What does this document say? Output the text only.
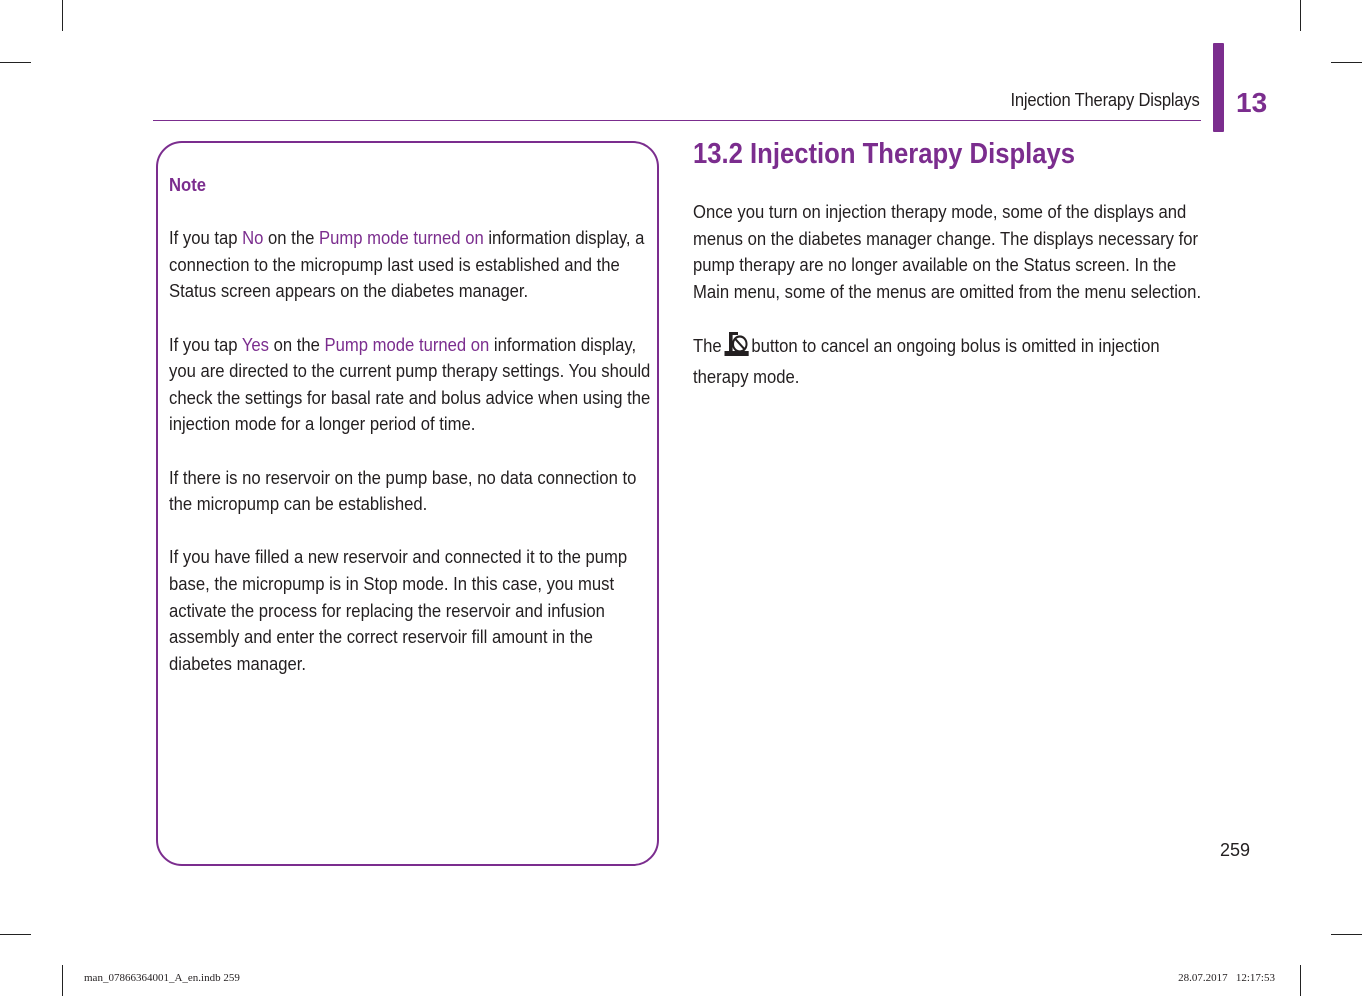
Injection Therapy Displays 13

Note

If you tap No on the Pump mode turned on information display, a connection to the micropump last used is established and the Status screen appears on the diabetes manager.

If you tap Yes on the Pump mode turned on information display, you are directed to the current pump therapy settings. You should check the settings for basal rate and bolus advice when using the injection mode for a longer period of time.

If there is no reservoir on the pump base, no data connection to the micropump can be established.

If you have filled a new reservoir and connected it to the pump base, the micropump is in Stop mode. In this case, you must activate the process for replacing the reservoir and infusion assembly and enter the correct reservoir fill amount in the diabetes manager.

13.2 Injection Therapy Displays

Once you turn on injection therapy mode, some of the displays and menus on the diabetes manager change. The displays necessary for pump therapy are no longer available on the Status screen. In the Main menu, some of the menus are omitted from the menu selection.

The button to cancel an ongoing bolus is omitted in injection therapy mode.

259
man_07866364001_A_en.indb 259	28.07.2017   12:17:53
